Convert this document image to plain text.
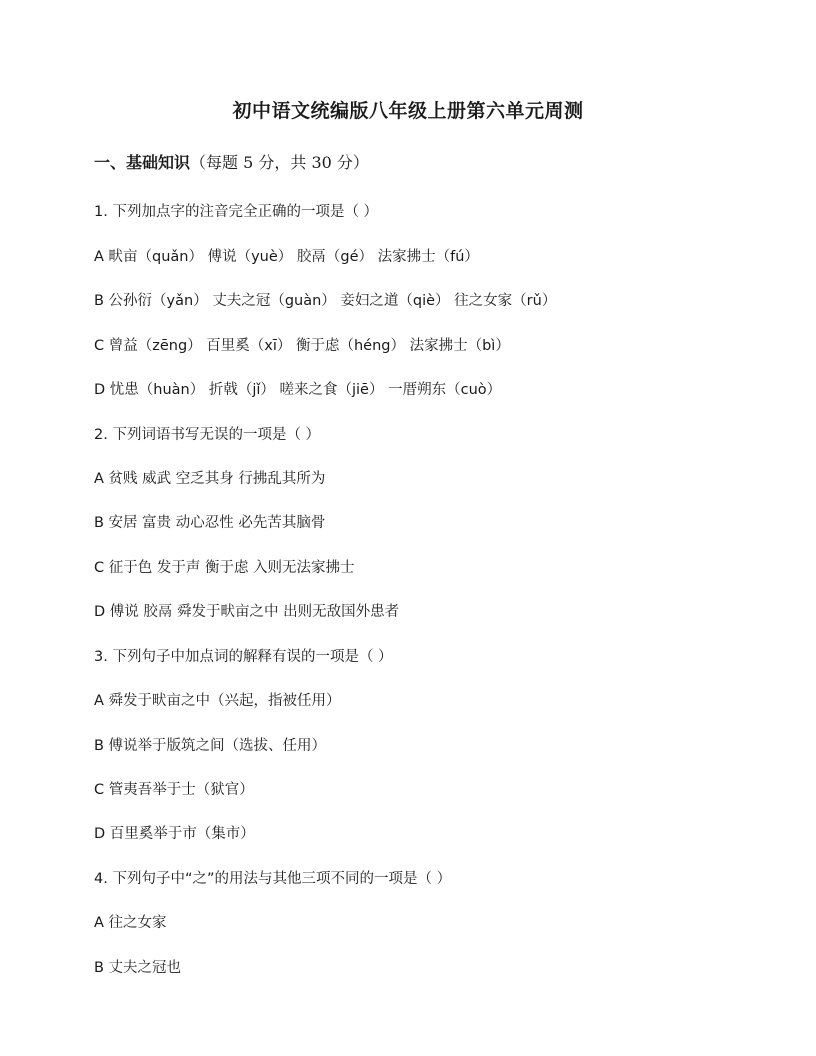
初中语文统编版八年级上册第六单元周测
一、基础知识（每题 5 分，共 30 分）
1. 下列加点字的注音完全正确的一项是（ ）
A 畎亩（quǎn） 傅说（yuè） 胶鬲（gé） 法家拂士（fú）
B 公孙衍（yǎn） 丈夫之冠（guàn） 妾妇之道（qiè） 往之女家（rǔ）
C 曾益（zēng） 百里奚（xī） 衡于虑（héng） 法家拂士（bì）
D 忧患（huàn） 折戟（jǐ） 嗟来之食（jiē） 一厝朔东（cuò）
2. 下列词语书写无误的一项是（ ）
A 贫贱 威武 空乏其身 行拂乱其所为
B 安居 富贵 动心忍性 必先苦其脑骨
C 征于色 发于声 衡于虑 入则无法家拂士
D 傅说 胶鬲 舜发于畎亩之中 出则无敌国外患者
3. 下列句子中加点词的解释有误的一项是（ ）
A 舜发于畎亩之中（兴起，指被任用）
B 傅说举于版筑之间（选拔、任用）
C 管夷吾举于士（狱官）
D 百里奚举于市（集市）
4. 下列句子中“之”的用法与其他三项不同的一项是（ ）
A 往之女家
B 丈夫之冠也
